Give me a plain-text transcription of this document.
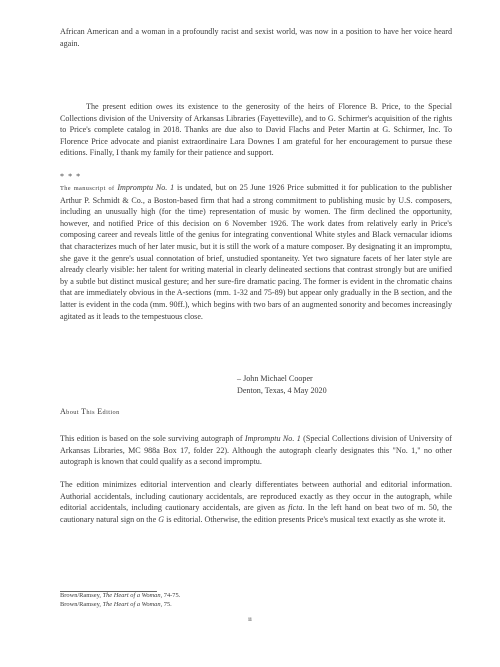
African American and a woman in a profoundly racist and sexist world, was now in a position to have her voice heard again.
The present edition owes its existence to the generosity of the heirs of Florence B. Price, to the Special Collections division of the University of Arkansas Libraries (Fayetteville), and to G. Schirmer's acquisition of the rights to Price's complete catalog in 2018. Thanks are due also to David Flachs and Peter Martin at G. Schirmer, Inc. To Florence Price advocate and pianist extraordinaire Lara Downes I am grateful for her encouragement to pursue these editions. Finally, I thank my family for their patience and support.
* * *
The manuscript of Impromptu No. 1 is undated, but on 25 June 1926 Price submitted it for publication to the publisher Arthur P. Schmidt & Co., a Boston-based firm that had a strong commitment to publishing music by U.S. composers, including an unusually high (for the time) representation of music by women. The firm declined the opportunity, however, and notified Price of this decision on 6 November 1926. The work dates from relatively early in Price's composing career and reveals little of the genius for integrating conventional White styles and Black vernacular idioms that characterizes much of her later music, but it is still the work of a mature composer. By designating it an impromptu, she gave it the genre's usual connotation of brief, unstudied spontaneity. Yet two signature facets of her later style are already clearly visible: her talent for writing material in clearly delineated sections that contrast strongly but are unified by a subtle but distinct musical gesture; and her sure-fire dramatic pacing. The former is evident in the chromatic chains that are immediately obvious in the A-sections (mm. 1-32 and 75-89) but appear only gradually in the B section, and the latter is evident in the coda (mm. 90ff.), which begins with two bars of an augmented sonority and becomes increasingly agitated as it leads to the tempestuous close.
– John Michael Cooper
Denton, Texas, 4 May 2020
About This Edition
This edition is based on the sole surviving autograph of Impromptu No. 1 (Special Collections division of University of Arkansas Libraries, MC 988a Box 17, folder 22). Although the autograph clearly designates this "No. 1," no other autograph is known that could qualify as a second impromptu.
The edition minimizes editorial intervention and clearly differentiates between authorial and editorial information. Authorial accidentals, including cautionary accidentals, are reproduced exactly as they occur in the autograph, while editorial accidentals, including cautionary accidentals, are given as ficta. In the left hand on beat two of m. 50, the cautionary natural sign on the G is editorial. Otherwise, the edition presents Price's musical text exactly as she wrote it.
Brown/Ramsey, The Heart of a Woman, 74-75.
Brown/Ramsey, The Heart of a Woman, 75.
ii
